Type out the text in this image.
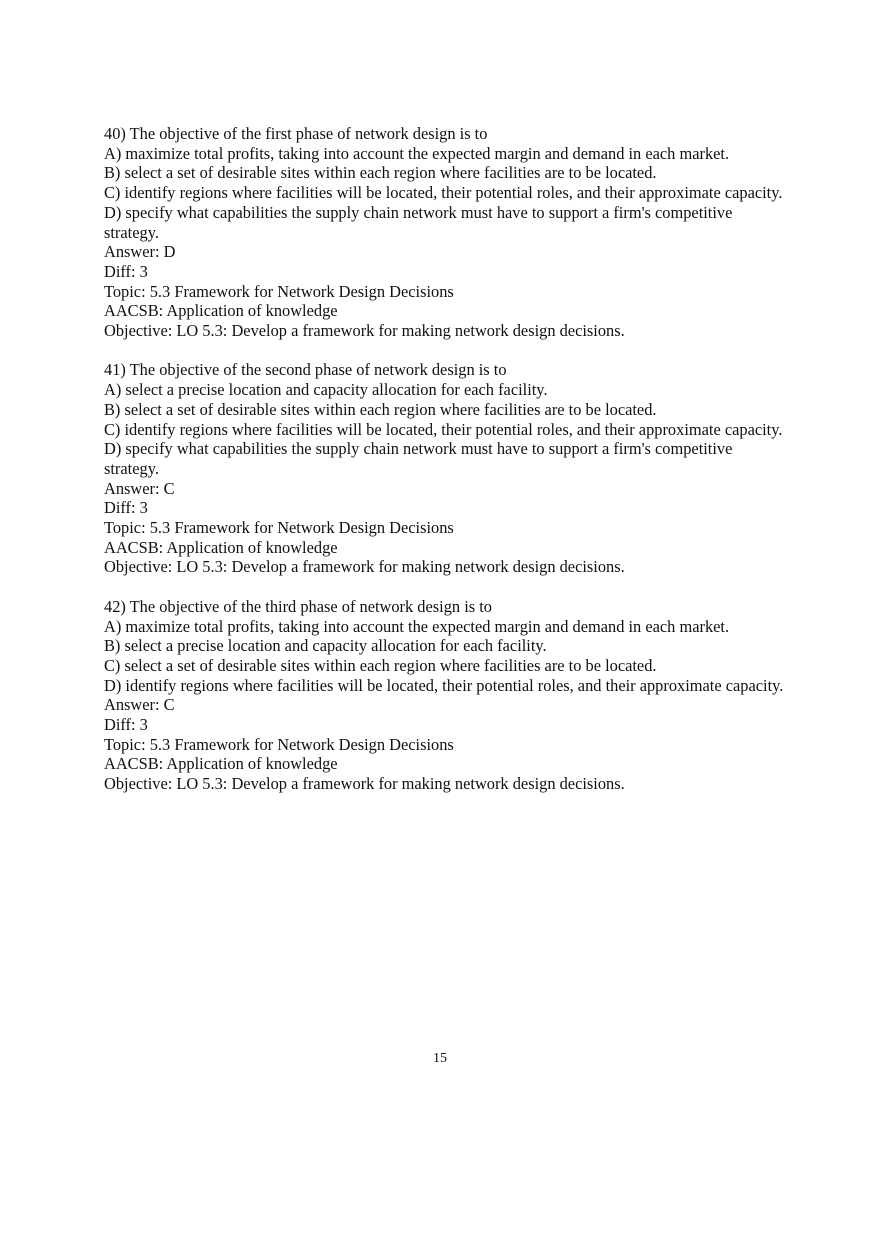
40) The objective of the first phase of network design is to
A) maximize total profits, taking into account the expected margin and demand in each market.
B) select a set of desirable sites within each region where facilities are to be located.
C) identify regions where facilities will be located, their potential roles, and their approximate capacity.
D) specify what capabilities the supply chain network must have to support a firm's competitive strategy.
Answer: D
Diff: 3
Topic: 5.3 Framework for Network Design Decisions
AACSB: Application of knowledge
Objective: LO 5.3: Develop a framework for making network design decisions.
41) The objective of the second phase of network design is to
A) select a precise location and capacity allocation for each facility.
B) select a set of desirable sites within each region where facilities are to be located.
C) identify regions where facilities will be located, their potential roles, and their approximate capacity.
D) specify what capabilities the supply chain network must have to support a firm's competitive strategy.
Answer: C
Diff: 3
Topic: 5.3 Framework for Network Design Decisions
AACSB: Application of knowledge
Objective: LO 5.3: Develop a framework for making network design decisions.
42) The objective of the third phase of network design is to
A) maximize total profits, taking into account the expected margin and demand in each market.
B) select a precise location and capacity allocation for each facility.
C) select a set of desirable sites within each region where facilities are to be located.
D) identify regions where facilities will be located, their potential roles, and their approximate capacity.
Answer: C
Diff: 3
Topic: 5.3 Framework for Network Design Decisions
AACSB: Application of knowledge
Objective: LO 5.3: Develop a framework for making network design decisions.
15
